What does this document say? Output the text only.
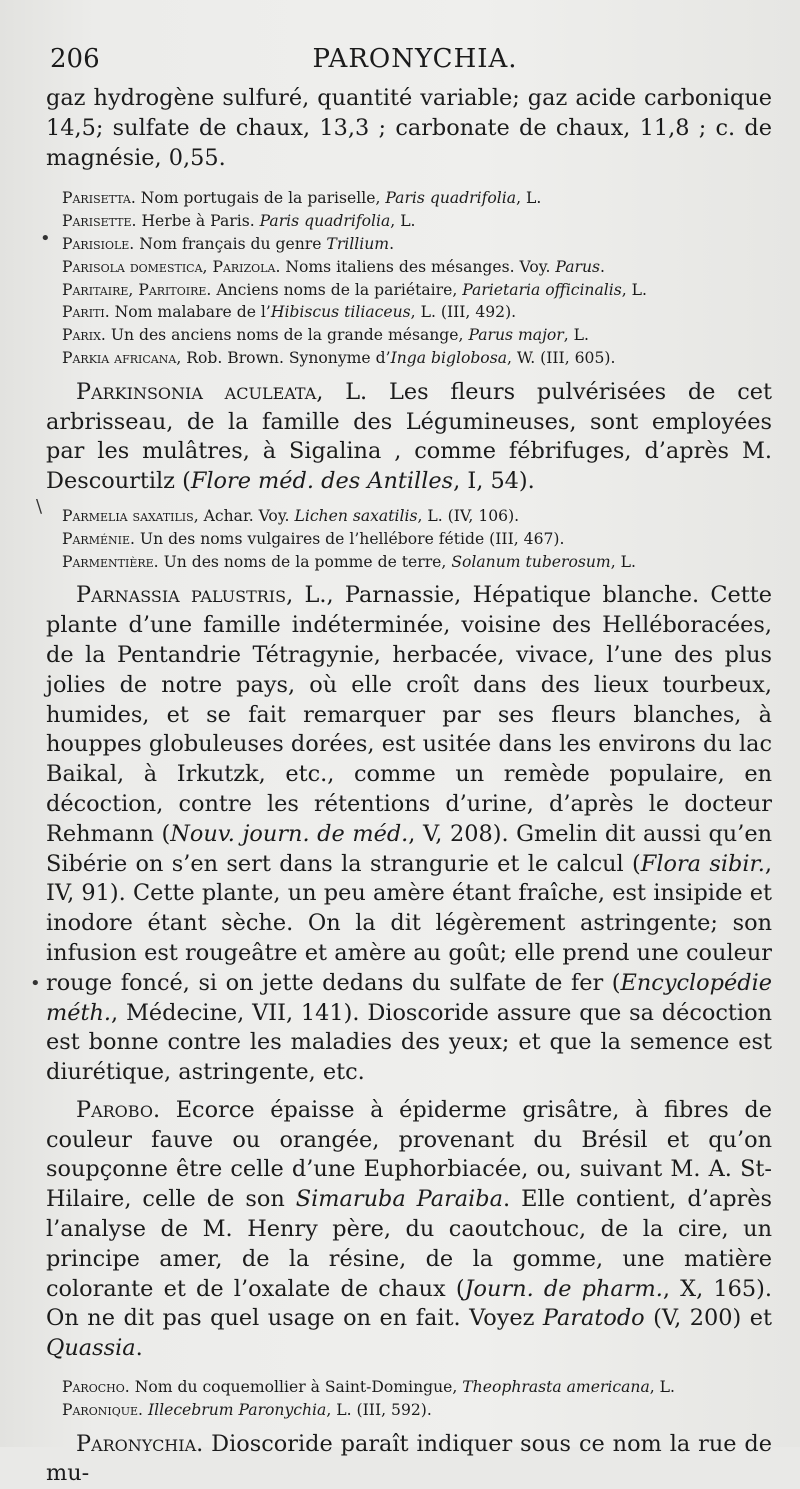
206	PARONYCHIA.
•
\
•

gaz hydrogène sulfuré, quantité variable; gaz acide carbonique 14,5; sulfate de chaux, 13,3 ; carbonate de chaux, 11,8 ; c. de magnésie, 0,55.

Parisetta. Nom portugais de la pariselle, Paris quadrifolia, L.

Parisette. Herbe à Paris. Paris quadrifolia, L.

Parisiole. Nom français du genre Trillium.

Parisola domestica, Parizola. Noms italiens des mésanges. Voy. Parus.

Paritaire, Paritoire. Anciens noms de la pariétaire, Parietaria officinalis, L.

Pariti. Nom malabare de l’Hibiscus tiliaceus, L. (III, 492).

Parix. Un des anciens noms de la grande mésange, Parus major, L.

Parkia africana, Rob. Brown. Synonyme d’Inga biglobosa, W. (III, 605).

Parkinsonia aculeata, L. Les fleurs pulvérisées de cet arbrisseau, de la famille des Légumineuses, sont employées par les mulâtres, à Sigalina , comme fébrifuges, d’après M. Descourtilz (Flore méd. des Antilles, I, 54).

Parmelia saxatilis, Achar. Voy. Lichen saxatilis, L. (IV, 106).

Parménie. Un des noms vulgaires de l’hellébore fétide (III, 467).

Parmentière. Un des noms de la pomme de terre, Solanum tuberosum, L.

Parnassia palustris, L., Parnassie, Hépatique blanche. Cette plante d’une famille indéterminée, voisine des Helléboracées, de la Pentandrie Tétragynie, herbacée, vivace, l’une des plus jolies de notre pays, où elle croît dans des lieux tourbeux, humides, et se fait remarquer par ses fleurs blanches, à houppes globuleuses dorées, est usitée dans les environs du lac Baikal, à Irkutzk, etc., comme un remède populaire, en décoction, contre les rétentions d’urine, d’après le docteur Rehmann (Nouv. journ. de méd., V, 208). Gmelin dit aussi qu’en Sibérie on s’en sert dans la strangurie et le calcul (Flora sibir., IV, 91). Cette plante, un peu amère étant fraîche, est insipide et inodore étant sèche. On la dit légèrement astringente; son infusion est rougeâtre et amère au goût; elle prend une couleur rouge foncé, si on jette dedans du sulfate de fer (Encyclopédie méth., Médecine, VII, 141). Dioscoride assure que sa décoction est bonne contre les maladies des yeux; et que la semence est diurétique, astringente, etc.

Parobo. Ecorce épaisse à épiderme grisâtre, à fibres de couleur fauve ou orangée, provenant du Brésil et qu’on soupçonne être celle d’une Euphorbiacée, ou, suivant M. A. St-Hilaire, celle de son Simaruba Paraiba. Elle contient, d’après l’analyse de M. Henry père, du caoutchouc, de la cire, un principe amer, de la résine, de la gomme, une matière colorante et de l’oxalate de chaux (Journ. de pharm., X, 165). On ne dit pas quel usage on en fait. Voyez Paratodo (V, 200) et Quassia.

Parocho. Nom du coquemollier à Saint-Domingue, Theophrasta americana, L.

Paronique. Illecebrum Paronychia, L. (III, 592).

Paronychia. Dioscoride paraît indiquer sous ce nom la rue de mu-
